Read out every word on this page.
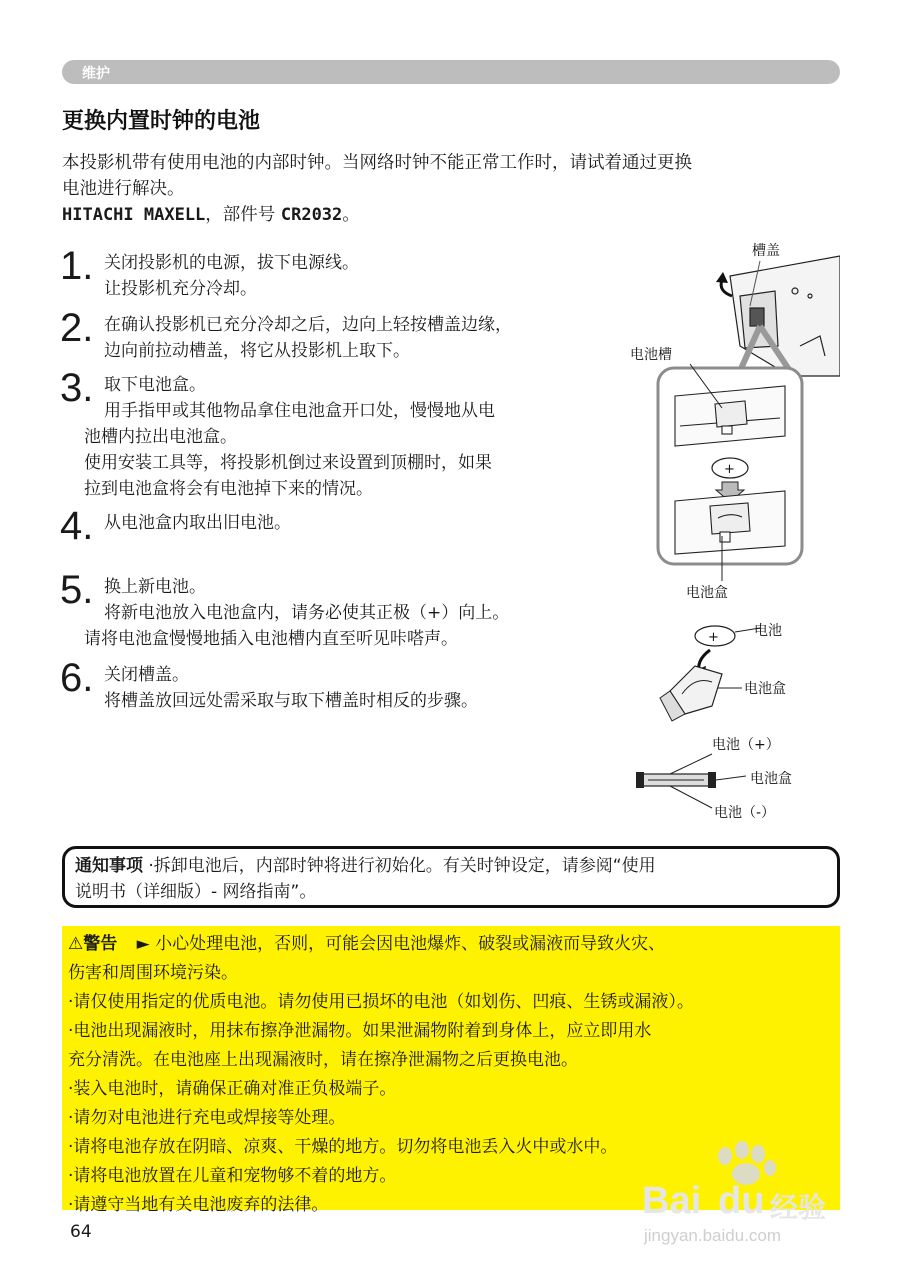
维护
更换内置时钟的电池
本投影机带有使用电池的内部时钟。当网络时钟不能正常工作时，请试着通过更换
电池进行解决。
HITACHI MAXELL，部件号 CR2032。
1. 关闭投影机的电源，拔下电源线。
让投影机充分冷却。
2. 在确认投影机已充分冷却之后，边向上轻按槽盖边缘，
边向前拉动槽盖，将它从投影机上取下。
3. 取下电池盒。
用手指甲或其他物品拿住电池盒开口处，慢慢地从电
池槽内拉出电池盒。
使用安装工具等，将投影机倒过来设置到顶棚时，如果
拉到电池盒将会有电池掉下来的情况。
4. 从电池盒内取出旧电池。
5. 换上新电池。
将新电池放入电池盒内，请务必使其正极（+）向上。
请将电池盒慢慢地插入电池槽内直至听见咔嗒声。
6. 关闭槽盖。
将槽盖放回远处需采取与取下槽盖时相反的步骤。
+
+
槽盖
电池槽
电池盒
电池
电池盒
电池（+）
电池盒
电池（-）
通知事项 ·拆卸电池后，内部时钟将进行初始化。有关时钟设定，请参阅“使用
说明书（详细版）- 网络指南”。
⚠警告 ► 小心处理电池，否则，可能会因电池爆炸、破裂或漏液而导致火灾、
伤害和周围环境污染。
·请仅使用指定的优质电池。请勿使用已损坏的电池（如划伤、凹痕、生锈或漏液）。
·电池出现漏液时，用抹布擦净泄漏物。如果泄漏物附着到身体上，应立即用水
充分清洗。在电池座上出现漏液时，请在擦净泄漏物之后更换电池。
·装入电池时，请确保正确对准正负极端子。
·请勿对电池进行充电或焊接等处理。
·请将电池存放在阴暗、凉爽、干燥的地方。切勿将电池丢入火中或水中。
·请将电池放置在儿童和宠物够不着的地方。
·请遵守当地有关电池废弃的法律。
64
Bai du 经验
jingyan.baidu.com
